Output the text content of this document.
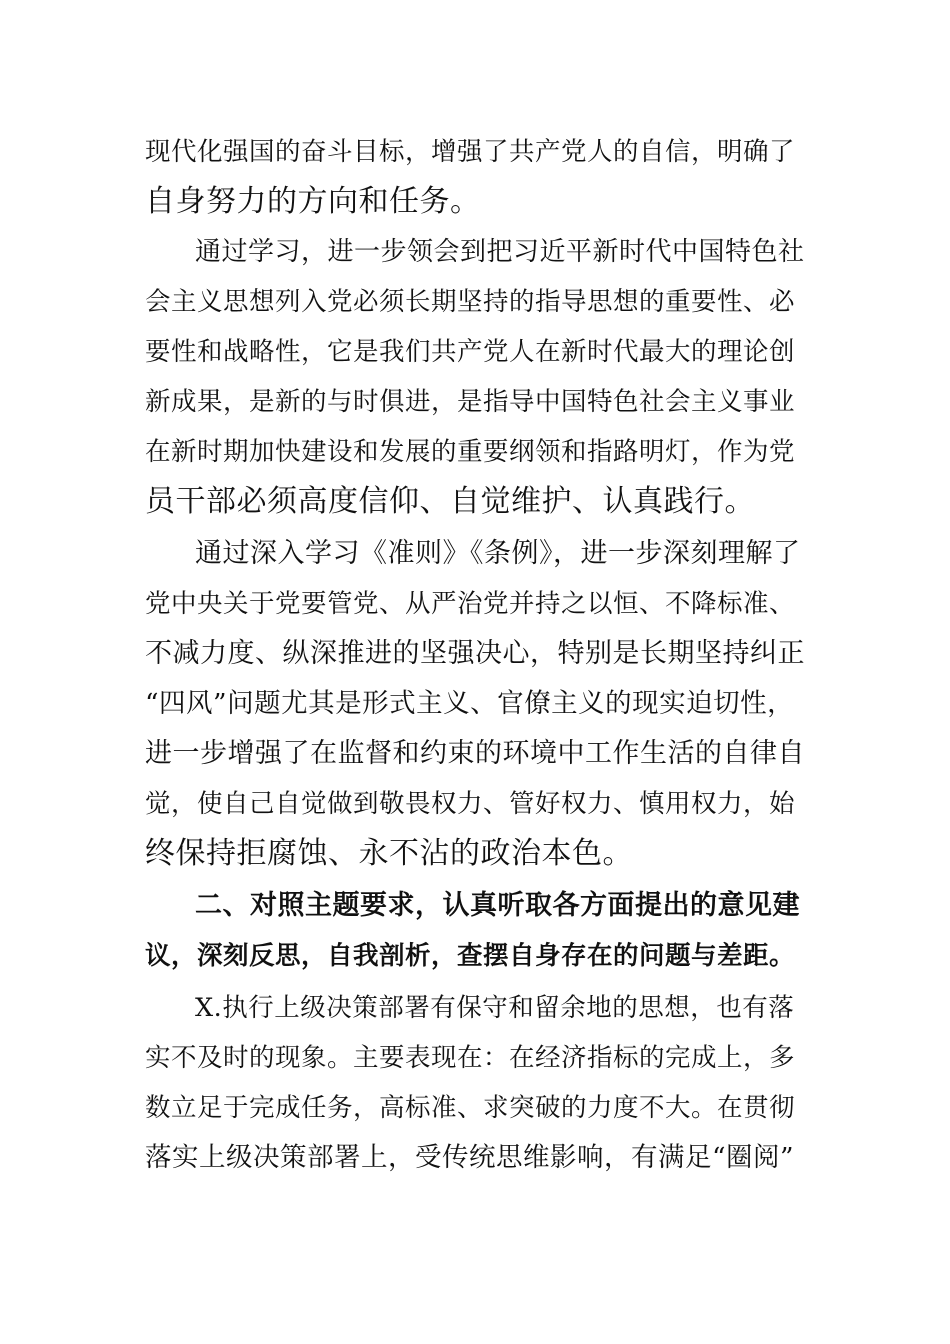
现代化强国的奋斗目标，增强了共产党人的自信，明确了
自身努力的方向和任务。
通过学习，进一步领会到把习近平新时代中国特色社
会主义思想列入党必须长期坚持的指导思想的重要性、必
要性和战略性，它是我们共产党人在新时代最大的理论创
新成果，是新的与时俱进，是指导中国特色社会主义事业
在新时期加快建设和发展的重要纲领和指路明灯，作为党
员干部必须高度信仰、自觉维护、认真践行。
通过深入学习《准则》《条例》，进一步深刻理解了
党中央关于党要管党、从严治党并持之以恒、不降标准、
不减力度、纵深推进的坚强决心，特别是长期坚持纠正
“四风”问题尤其是形式主义、官僚主义的现实迫切性，
进一步增强了在监督和约束的环境中工作生活的自律自
觉，使自己自觉做到敬畏权力、管好权力、慎用权力，始
终保持拒腐蚀、永不沾的政治本色。
二、对照主题要求，认真听取各方面提出的意见建
议，深刻反思，自我剖析，查摆自身存在的问题与差距。
X.执行上级决策部署有保守和留余地的思想，也有落
实不及时的现象。主要表现在：在经济指标的完成上，多
数立足于完成任务，高标准、求突破的力度不大。在贯彻
落实上级决策部署上，受传统思维影响，有满足“圈阅”
